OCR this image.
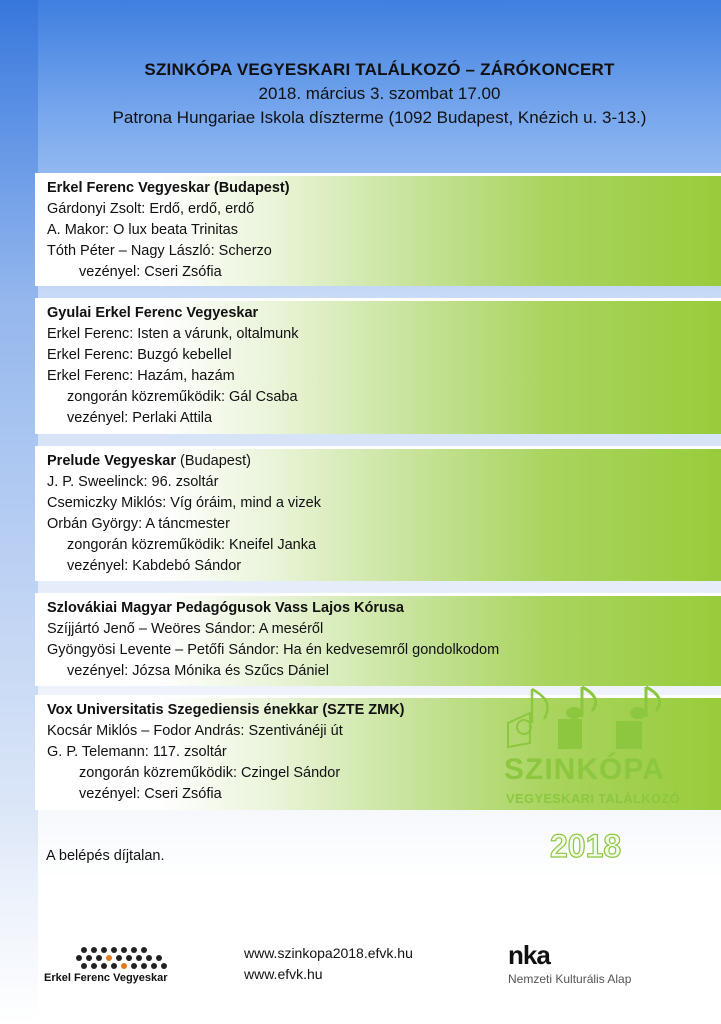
SZINKÓPA VEGYESKARI TALÁLKOZÓ – ZÁRÓKONCERT
2018. március 3. szombat 17.00
Patrona Hungariae Iskola díszterme (1092 Budapest, Knézich u. 3-13.)
Erkel Ferenc Vegyeskar (Budapest)
Gárdonyi Zsolt: Erdő, erdő, erdő
A. Makor: O lux beata Trinitas
Tóth Péter – Nagy László: Scherzo
vezényel: Cseri Zsófia
Gyulai Erkel Ferenc Vegyeskar
Erkel Ferenc: Isten a várunk, oltalmunk
Erkel Ferenc: Buzgó kebellel
Erkel Ferenc: Hazám, hazám
zongorán közreműködik: Gál Csaba
vezényel: Perlaki Attila
Prelude Vegyeskar (Budapest)
J. P. Sweelinck: 96. zsoltár
Csemiczky Miklós: Víg óráim, mind a vizek
Orbán György: A táncmester
zongorán közreműködik: Kneifel Janka
vezényel: Kabdebó Sándor
Szlovákiai Magyar Pedagógusok Vass Lajos Kórusa
Szíjjártó Jenő – Weöres Sándor: A meséről
Gyöngyösi Levente – Petőfi Sándor: Ha én kedvesemről gondolkodom
vezényel: Józsa Mónika és Szűcs Dániel
Vox Universitatis Szegediensis énekkar (SZTE ZMK)
Kocsár Miklós – Fodor András: Szentivánéji út
G. P. Telemann: 117. zsoltár
zongorán közreműködik: Czingel Sándor
vezényel: Cseri Zsófia
SZINKÓPA
VEGYESKARI TALÁLKOZÓ
2018
A belépés díjtalan.
Erkel Ferenc Vegyeskar
www.szinkopa2018.efvk.hu
www.efvk.hu
nka
Nemzeti Kulturális Alap
